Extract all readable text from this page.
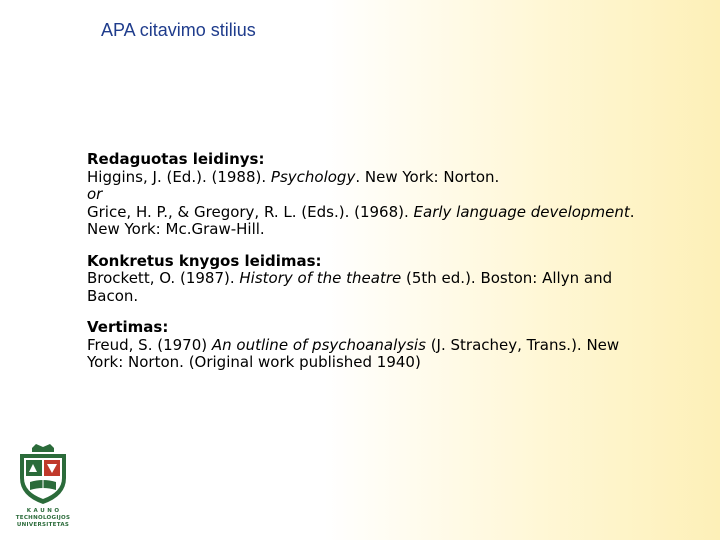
APA citavimo stilius
Redaguotas leidinys:
Higgins, J. (Ed.). (1988). Psychology. New York: Norton.
or
Grice, H. P., & Gregory, R. L. (Eds.). (1968). Early language development.
New York: Mc.Graw-Hill.
Konkretus knygos leidimas:
Brockett, O. (1987). History of the theatre (5th ed.). Boston: Allyn and
Bacon.
Vertimas:
Freud, S. (1970) An outline of psychoanalysis (J. Strachey, Trans.). New
York: Norton. (Original work published 1940)
K A U N O
TECHNOLOGIJOS
UNIVERSITETAS
